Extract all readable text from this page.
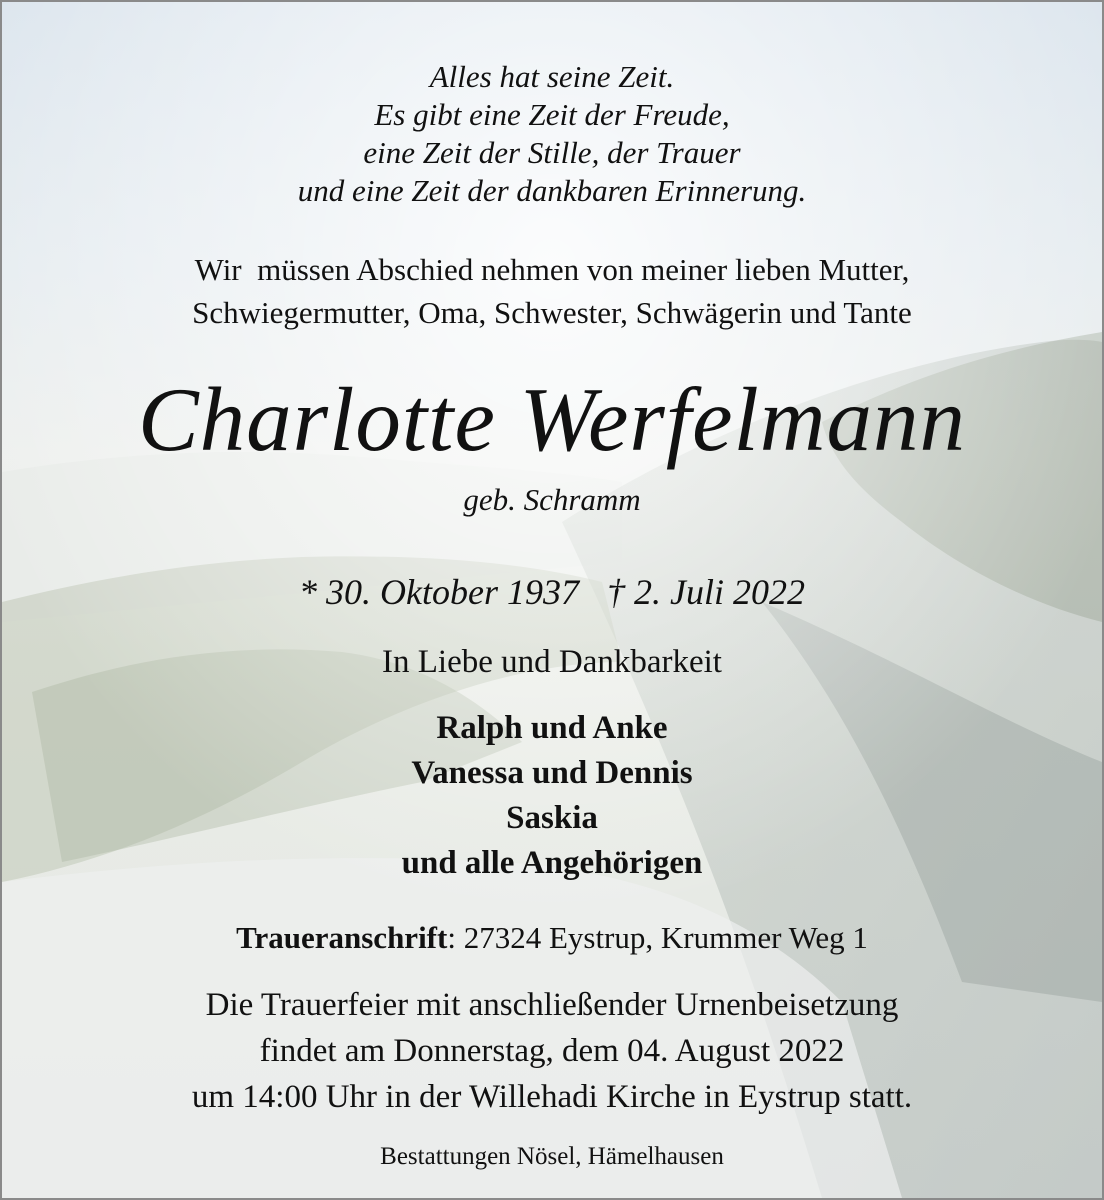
Alles hat seine Zeit.
Es gibt eine Zeit der Freude,
eine Zeit der Stille, der Trauer
und eine Zeit der dankbaren Erinnerung.
Wir  müssen Abschied nehmen von meiner lieben Mutter,
Schwiegermutter, Oma, Schwester, Schwägerin und Tante
Charlotte Werfelmann
geb. Schramm
* 30. Oktober 1937 † 2. Juli 2022
In Liebe und Dankbarkeit
Ralph und Anke
Vanessa und Dennis
Saskia
und alle Angehörigen
Traueranschrift: 27324 Eystrup, Krummer Weg 1
Die Trauerfeier mit anschließender Urnenbeisetzung
findet am Donnerstag, dem 04. August 2022
um 14:00 Uhr in der Willehadi Kirche in Eystrup statt.
Bestattungen Nösel, Hämelhausen
